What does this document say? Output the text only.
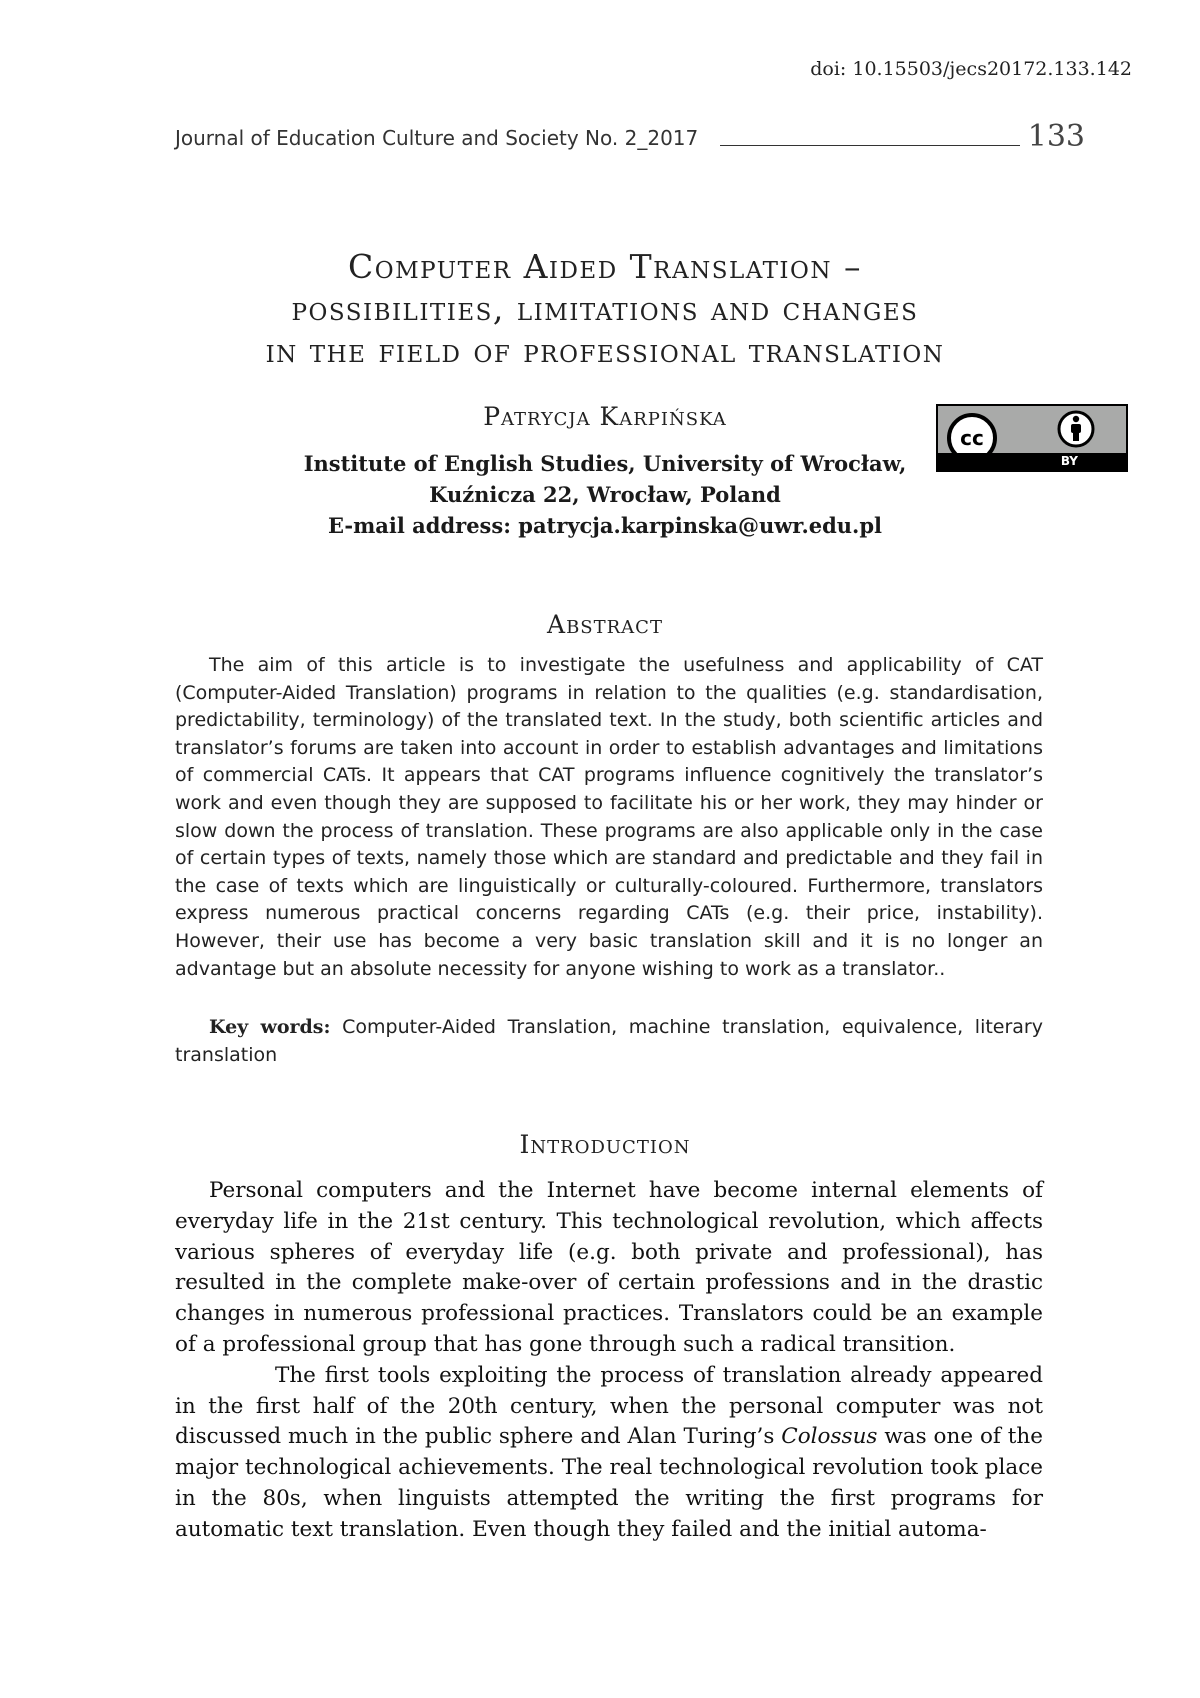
doi: 10.15503/jecs20172.133.142
Journal of Education Culture and Society No. 2_2017	133
Computer Aided Translation –
possibilities, limitations and changes
in the field of professional translation
Patrycja Karpińska
Institute of English Studies, University of Wrocław,
Kuźnicza 22, Wrocław, Poland
E-mail address: patrycja.karpinska@uwr.edu.pl
cc
BY
Abstract

The aim of this article is to investigate the usefulness and applicability of CAT (Computer-Aided Translation) programs in relation to the qualities (e.g. standardisation, predictability, terminology) of the translated text. In the study, both scientific articles and translator’s forums are taken into account in order to establish advantages and limitations of commercial CATs. It appears that CAT programs influence cognitively the translator’s work and even though they are supposed to facilitate his or her work, they may hinder or slow down the process of translation. These programs are also applicable only in the case of certain types of texts, namely those which are standard and predictable and they fail in the case of texts which are linguistically or culturally-coloured. Furthermore, translators express numerous practical concerns regarding CATs (e.g. their price, instability). However, their use has become a very basic translation skill and it is no longer an advantage but an absolute necessity for anyone wishing to work as a translator..

Key words: Computer-Aided Translation, machine translation, equivalence, literary translation
Introduction

Personal computers and the Internet have become internal elements of everyday life in the 21st century. This technological revolution, which affects various spheres of everyday life (e.g. both private and professional), has resulted in the complete make-over of certain professions and in the drastic changes in numerous professional practices. Translators could be an example of a professional group that has gone through such a radical transition.

The first tools exploiting the process of translation already appeared in the first half of the 20th century, when the personal computer was not discussed much in the public sphere and Alan Turing’s Colossus was one of the major technological achievements. The real technological revolution took place in the 80s, when linguists attempted the writing the first programs for automatic text translation. Even though they failed and the initial automa-
